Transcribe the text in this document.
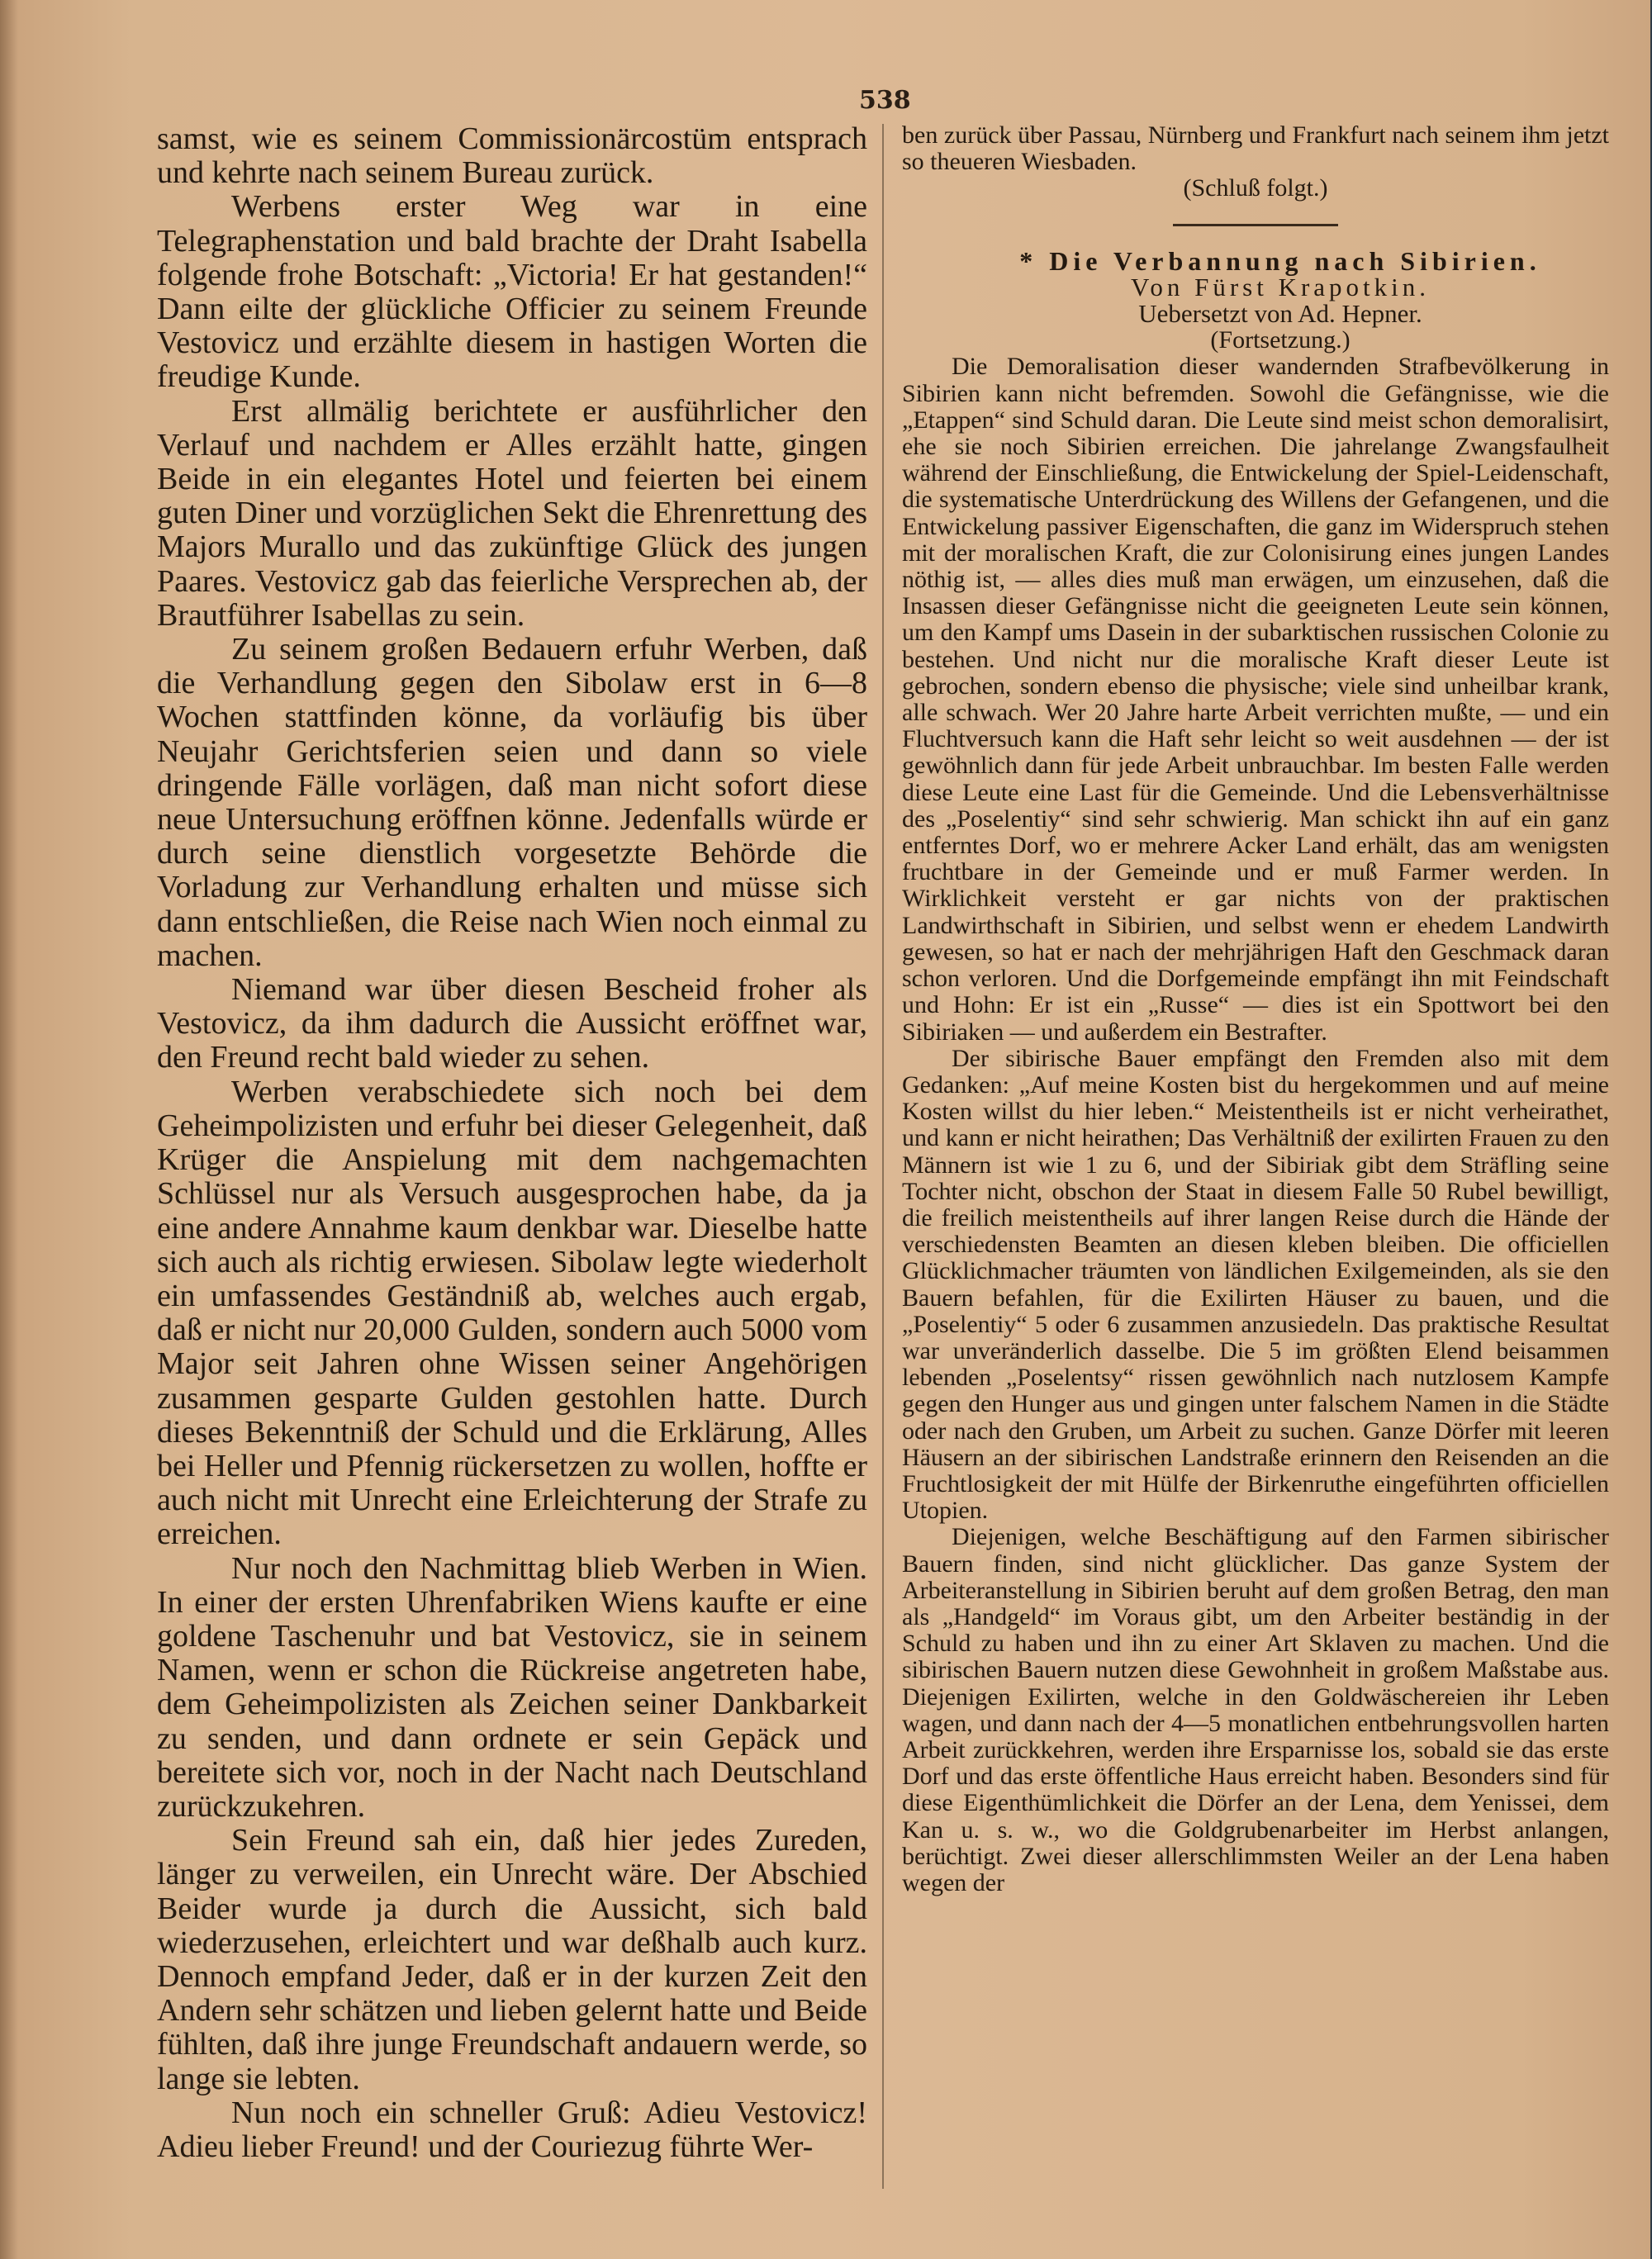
538

samst, wie es seinem Commissionärcostüm entsprach und kehrte nach seinem Bureau zurück.

Werbens erster Weg war in eine Telegraphenstation und bald brachte der Draht Isabella folgende frohe Botschaft: „Victoria! Er hat gestanden!“ Dann eilte der glückliche Officier zu seinem Freunde Vestovicz und erzählte diesem in hastigen Worten die freudige Kunde.

Erst allmälig berichtete er ausführlicher den Verlauf und nachdem er Alles erzählt hatte, gingen Beide in ein elegantes Hotel und feierten bei einem guten Diner und vorzüglichen Sekt die Ehrenrettung des Majors Murallo und das zukünftige Glück des jungen Paares. Vestovicz gab das feierliche Versprechen ab, der Brautführer Isabellas zu sein.

Zu seinem großen Bedauern erfuhr Werben, daß die Verhandlung gegen den Sibolaw erst in 6—8 Wochen stattfinden könne, da vorläufig bis über Neujahr Gerichtsferien seien und dann so viele dringende Fälle vorlägen, daß man nicht sofort diese neue Untersuchung eröffnen könne. Jedenfalls würde er durch seine dienstlich vorgesetzte Behörde die Vorladung zur Verhandlung erhalten und müsse sich dann entschließen, die Reise nach Wien noch einmal zu machen.

Niemand war über diesen Bescheid froher als Vestovicz, da ihm dadurch die Aussicht eröffnet war, den Freund recht bald wieder zu sehen.

Werben verabschiedete sich noch bei dem Geheimpolizisten und erfuhr bei dieser Gelegenheit, daß Krüger die Anspielung mit dem nachgemachten Schlüssel nur als Versuch ausgesprochen habe, da ja eine andere Annahme kaum denkbar war. Dieselbe hatte sich auch als richtig erwiesen. Sibolaw legte wiederholt ein umfassendes Geständniß ab, welches auch ergab, daß er nicht nur 20,000 Gulden, sondern auch 5000 vom Major seit Jahren ohne Wissen seiner Angehörigen zusammen gesparte Gulden gestohlen hatte. Durch dieses Bekenntniß der Schuld und die Erklärung, Alles bei Heller und Pfennig rückersetzen zu wollen, hoffte er auch nicht mit Unrecht eine Erleichterung der Strafe zu erreichen.

Nur noch den Nachmittag blieb Werben in Wien. In einer der ersten Uhrenfabriken Wiens kaufte er eine goldene Taschenuhr und bat Vestovicz, sie in seinem Namen, wenn er schon die Rückreise angetreten habe, dem Geheimpolizisten als Zeichen seiner Dankbarkeit zu senden, und dann ordnete er sein Gepäck und bereitete sich vor, noch in der Nacht nach Deutschland zurückzukehren.

Sein Freund sah ein, daß hier jedes Zureden, länger zu verweilen, ein Unrecht wäre. Der Abschied Beider wurde ja durch die Aussicht, sich bald wiederzusehen, erleichtert und war deßhalb auch kurz. Dennoch empfand Jeder, daß er in der kurzen Zeit den Andern sehr schätzen und lieben gelernt hatte und Beide fühlten, daß ihre junge Freundschaft andauern werde, so lange sie lebten.

Nun noch ein schneller Gruß: Adieu Vestovicz! Adieu lieber Freund! und der Couriezug führte Wer-

ben zurück über Passau, Nürnberg und Frankfurt nach seinem ihm jetzt so theueren Wiesbaden.

(Schluß folgt.)

* Die Verbannung nach Sibirien.

Von Fürst Krapotkin.

Uebersetzt von Ad. Hepner.

(Fortsetzung.)

Die Demoralisation dieser wandernden Strafbevölkerung in Sibirien kann nicht befremden. Sowohl die Gefängnisse, wie die „Etappen“ sind Schuld daran. Die Leute sind meist schon demoralisirt, ehe sie noch Sibirien erreichen. Die jahrelange Zwangsfaulheit während der Einschließung, die Entwickelung der Spiel-Leidenschaft, die systematische Unterdrückung des Willens der Gefangenen, und die Entwickelung passiver Eigenschaften, die ganz im Widerspruch stehen mit der moralischen Kraft, die zur Colonisirung eines jungen Landes nöthig ist, — alles dies muß man erwägen, um einzusehen, daß die Insassen dieser Gefängnisse nicht die geeigneten Leute sein können, um den Kampf ums Dasein in der subarktischen russischen Colonie zu bestehen. Und nicht nur die moralische Kraft dieser Leute ist gebrochen, sondern ebenso die physische; viele sind unheilbar krank, alle schwach. Wer 20 Jahre harte Arbeit verrichten mußte, — und ein Fluchtversuch kann die Haft sehr leicht so weit ausdehnen — der ist gewöhnlich dann für jede Arbeit unbrauchbar. Im besten Falle werden diese Leute eine Last für die Gemeinde. Und die Lebensverhältnisse des „Poselentiy“ sind sehr schwierig. Man schickt ihn auf ein ganz entferntes Dorf, wo er mehrere Acker Land erhält, das am wenigsten fruchtbare in der Gemeinde und er muß Farmer werden. In Wirklichkeit versteht er gar nichts von der praktischen Landwirthschaft in Sibirien, und selbst wenn er ehedem Landwirth gewesen, so hat er nach der mehrjährigen Haft den Geschmack daran schon verloren. Und die Dorfgemeinde empfängt ihn mit Feindschaft und Hohn: Er ist ein „Russe“ — dies ist ein Spottwort bei den Sibiriaken — und außerdem ein Bestrafter.

Der sibirische Bauer empfängt den Fremden also mit dem Gedanken: „Auf meine Kosten bist du hergekommen und auf meine Kosten willst du hier leben.“ Meistentheils ist er nicht verheirathet, und kann er nicht heirathen; Das Verhältniß der exilirten Frauen zu den Männern ist wie 1 zu 6, und der Sibiriak gibt dem Sträfling seine Tochter nicht, obschon der Staat in diesem Falle 50 Rubel bewilligt, die freilich meistentheils auf ihrer langen Reise durch die Hände der verschiedensten Beamten an diesen kleben bleiben. Die officiellen Glücklichmacher träumten von ländlichen Exilgemeinden, als sie den Bauern befahlen, für die Exilirten Häuser zu bauen, und die „Poselentiy“ 5 oder 6 zusammen anzusiedeln. Das praktische Resultat war unveränderlich dasselbe. Die 5 im größten Elend beisammen lebenden „Poselentsy“ rissen gewöhnlich nach nutzlosem Kampfe gegen den Hunger aus und gingen unter falschem Namen in die Städte oder nach den Gruben, um Arbeit zu suchen. Ganze Dörfer mit leeren Häusern an der sibirischen Landstraße erinnern den Reisenden an die Fruchtlosigkeit der mit Hülfe der Birkenruthe eingeführten officiellen Utopien.

Diejenigen, welche Beschäftigung auf den Farmen sibirischer Bauern finden, sind nicht glücklicher. Das ganze System der Arbeiteranstellung in Sibirien beruht auf dem großen Betrag, den man als „Handgeld“ im Voraus gibt, um den Arbeiter beständig in der Schuld zu haben und ihn zu einer Art Sklaven zu machen. Und die sibirischen Bauern nutzen diese Gewohnheit in großem Maßstabe aus. Diejenigen Exilirten, welche in den Goldwäschereien ihr Leben wagen, und dann nach der 4—5 monatlichen entbehrungsvollen harten Arbeit zurückkehren, werden ihre Ersparnisse los, sobald sie das erste Dorf und das erste öffentliche Haus erreicht haben. Besonders sind für diese Eigenthümlichkeit die Dörfer an der Lena, dem Yenissei, dem Kan u. s. w., wo die Goldgrubenarbeiter im Herbst anlangen, berüchtigt. Zwei dieser allerschlimmsten Weiler an der Lena haben wegen der
